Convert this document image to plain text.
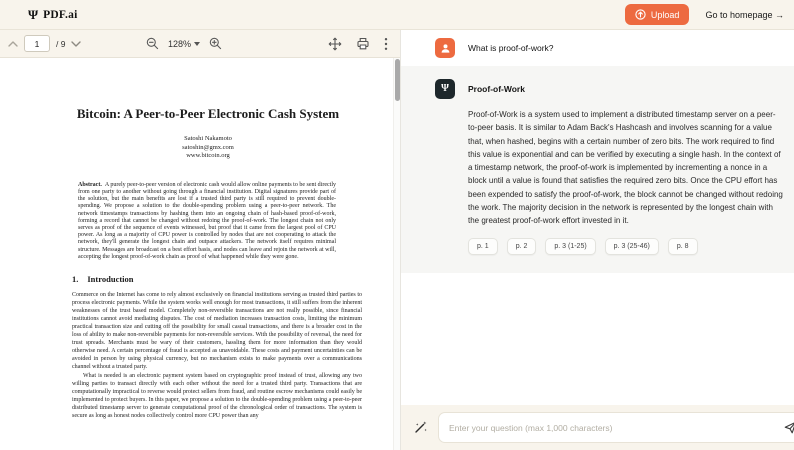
Ψ PDF.ai	Upload	Go to homepage →
1
/ 9	128%
Bitcoin: A Peer-to-Peer Electronic Cash System
Satoshi Nakamoto
satoshin@gmx.com
www.bitcoin.org

Abstract. A purely peer-to-peer version of electronic cash would allow online payments to be sent directly from one party to another without going through a financial institution. Digital signatures provide part of the solution, but the main benefits are lost if a trusted third party is still required to prevent double-spending. We propose a solution to the double-spending problem using a peer-to-peer network. The network timestamps transactions by hashing them into an ongoing chain of hash-based proof-of-work, forming a record that cannot be changed without redoing the proof-of-work. The longest chain not only serves as proof of the sequence of events witnessed, but proof that it came from the largest pool of CPU power. As long as a majority of CPU power is controlled by nodes that are not cooperating to attack the network, they'll generate the longest chain and outpace attackers. The network itself requires minimal structure. Messages are broadcast on a best effort basis, and nodes can leave and rejoin the network at will, accepting the longest proof-of-work chain as proof of what happened while they were gone.

1. Introduction

Commerce on the Internet has come to rely almost exclusively on financial institutions serving as trusted third parties to process electronic payments. While the system works well enough for most transactions, it still suffers from the inherent weaknesses of the trust based model. Completely non-reversible transactions are not really possible, since financial institutions cannot avoid mediating disputes. The cost of mediation increases transaction costs, limiting the minimum practical transaction size and cutting off the possibility for small casual transactions, and there is a broader cost in the loss of ability to make non-reversible payments for non-reversible services. With the possibility of reversal, the need for trust spreads. Merchants must be wary of their customers, hassling them for more information than they would otherwise need. A certain percentage of fraud is accepted as unavoidable. These costs and payment uncertainties can be avoided in person by using physical currency, but no mechanism exists to make payments over a communications channel without a trusted party.

What is needed is an electronic payment system based on cryptographic proof instead of trust, allowing any two willing parties to transact directly with each other without the need for a trusted third party. Transactions that are computationally impractical to reverse would protect sellers from fraud, and routine escrow mechanisms could easily be implemented to protect buyers. In this paper, we propose a solution to the double-spending problem using a peer-to-peer distributed timestamp server to generate computational proof of the chronological order of transactions. The system is secure as long as honest nodes collectively control more CPU power than any

What is proof-of-work?
Ψ Proof-of-Work

Proof-of-Work is a system used to implement a distributed timestamp server on a peer-to-peer basis. It is similar to Adam Back's Hashcash and involves scanning for a value that, when hashed, begins with a certain number of zero bits. The work required to find this value is exponential and can be verified by executing a single hash. In the context of a timestamp network, the proof-of-work is implemented by incrementing a nonce in a block until a value is found that satisfies the required zero bits. Once the CPU effort has been expended to satisfy the proof-of-work, the block cannot be changed without redoing the work. The majority decision in the network is represented by the longest chain with the greatest proof-of-work effort invested in it.

p. 1	p. 2	p. 3 (1-25)	p. 3 (25-46)	p. 8
Enter your question (max 1,000 characters)
